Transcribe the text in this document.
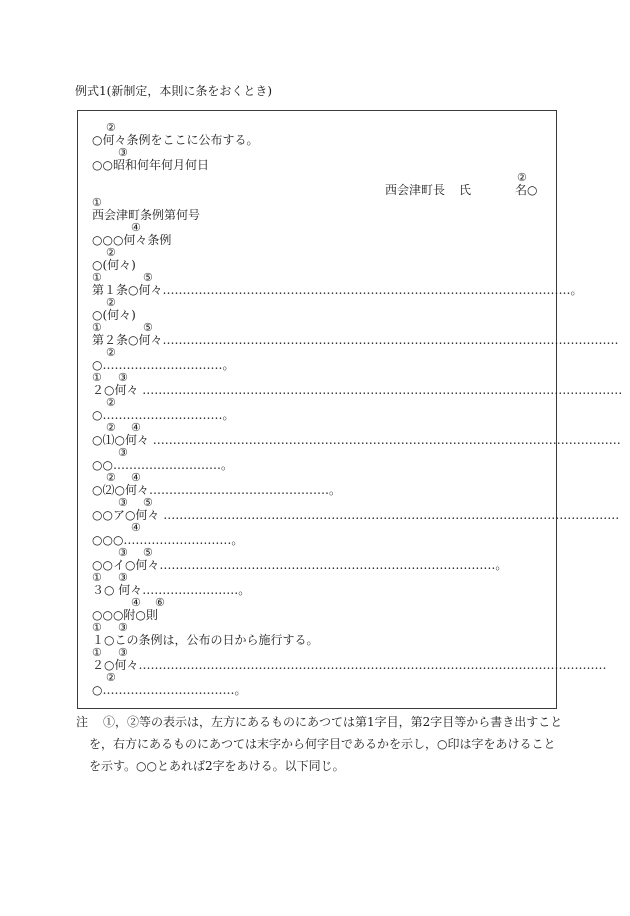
例式1(新制定，本則に条をおくとき)
②
○何々条例をここに公布する。
③
○○昭和何年何月何日
②
西会津町長 氏	名○
①
西会津町条例第何号
④
○○○何々条例
②
○(何々)
①	⑤
第１条○何々…………………………………………………………………………………………。
②
○(何々)
①	⑤
第２条○何々……………………………………………………………………………………………………
②
○…………………………。
① ③
２○何々 …………………………………………………………………………………………………………
②
○…………………………。
② ④
○⑴○何々 ………………………………………………………………………………………………………
③
○○………………………。
② ④
○⑵○何々………………………………………。
③ ⑤
○○ア○何々 ……………………………………………………………………………………………………
④
○○○………………………。
③ ⑤
○○イ○何々…………………………………………………………………………。
① ③
３○ 何々……………………。
④ ⑥
○○○附○則
① ③
１○この条例は，公布の日から施行する。
① ③
２○何々………………………………………………………………………………………………………
②
○……………………………。
注 ①，②等の表示は，左方にあるものにあつては第1字目，第2字目等から書き出すこと
を，右方にあるものにあつては末字から何字目であるかを示し，○印は字をあけること
を示す。○○とあれば2字をあける。以下同じ。
